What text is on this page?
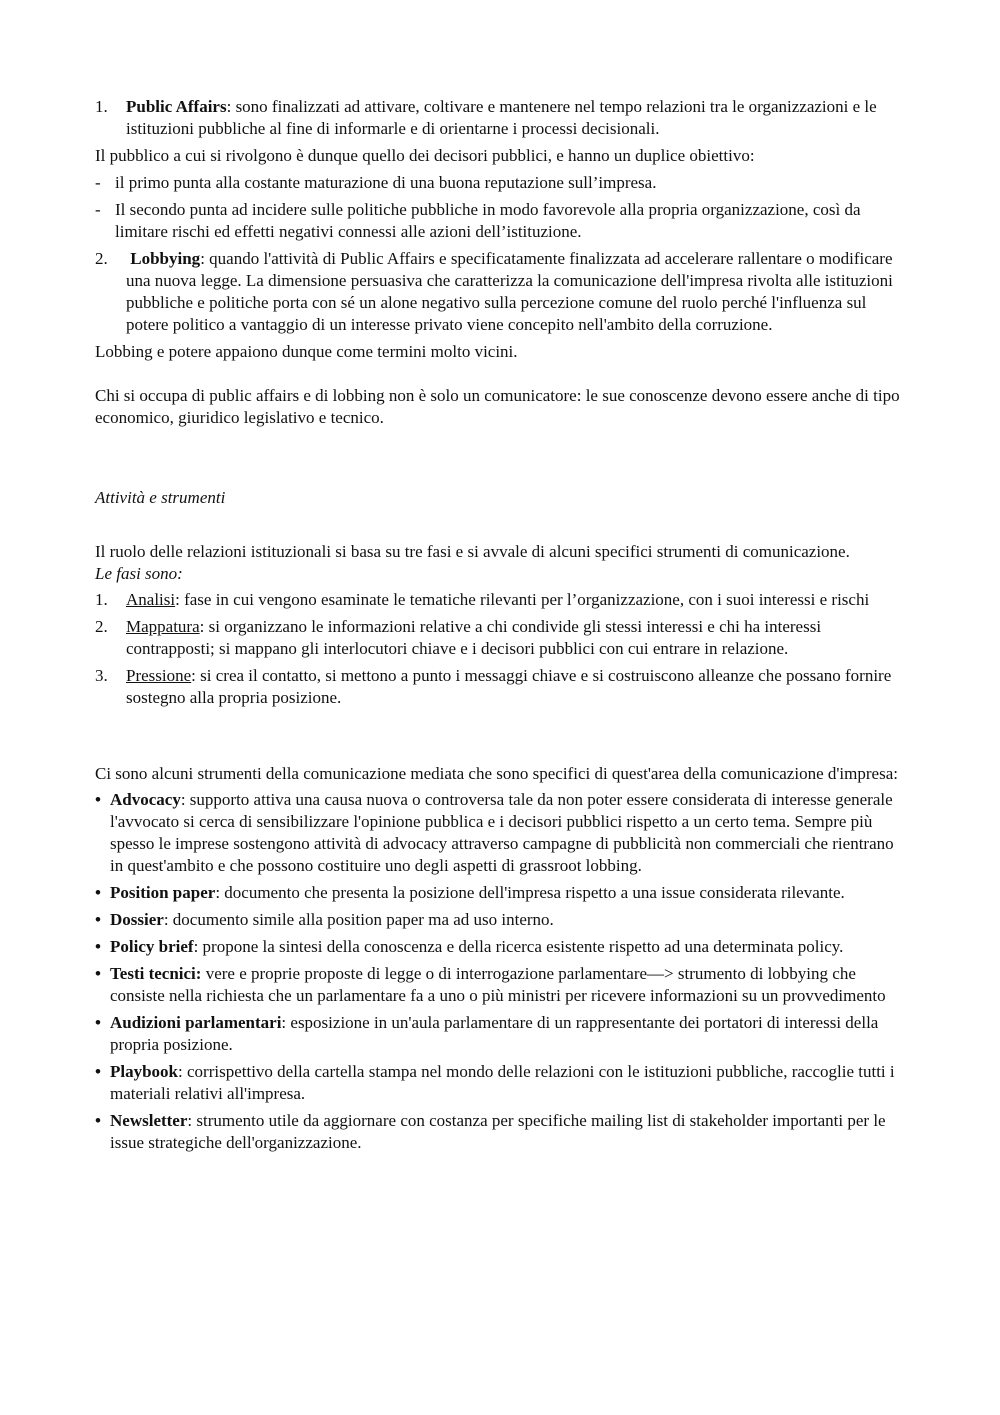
1. Public Affairs: sono finalizzati ad attivare, coltivare e mantenere nel tempo relazioni tra le organizzazioni e le istituzioni pubbliche al fine di informarle e di orientarne i processi decisionali.

Il pubblico a cui si rivolgono è dunque quello dei decisori pubblici, e hanno un duplice obiettivo:

- il primo punta alla costante maturazione di una buona reputazione sull’impresa.
- Il secondo punta ad incidere sulle politiche pubbliche in modo favorevole alla propria organizzazione, così da limitare rischi ed effetti negativi connessi alle azioni dell’istituzione.
2. Lobbying: quando l'attività di Public Affairs e specificatamente finalizzata ad accelerare rallentare o modificare una nuova legge. La dimensione persuasiva che caratterizza la comunicazione dell'impresa rivolta alle istituzioni pubbliche e politiche porta con sé un alone negativo sulla percezione comune del ruolo perché l'influenza sul potere politico a vantaggio di un interesse privato viene concepito nell'ambito della corruzione.

Lobbing e potere appaiono dunque come termini molto vicini.

Chi si occupa di public affairs e di lobbing non è solo un comunicatore: le sue conoscenze devono essere anche di tipo economico, giuridico legislativo e tecnico.

Attività e strumenti

Il ruolo delle relazioni istituzionali si basa su tre fasi e si avvale di alcuni specifici strumenti di comunicazione.

Le fasi sono:

1. Analisi: fase in cui vengono esaminate le tematiche rilevanti per l’organizzazione, con i suoi interessi e rischi
2. Mappatura: si organizzano le informazioni relative a chi condivide gli stessi interessi e chi ha interessi contrapposti; si mappano gli interlocutori chiave e i decisori pubblici con cui entrare in relazione.
3. Pressione: si crea il contatto, si mettono a punto i messaggi chiave e si costruiscono alleanze che possano fornire sostegno alla propria posizione.

Ci sono alcuni strumenti della comunicazione mediata che sono specifici di quest'area della comunicazione d'impresa:

• Advocacy: supporto attiva una causa nuova o controversa tale da non poter essere considerata di interesse generale l'avvocato si cerca di sensibilizzare l'opinione pubblica e i decisori pubblici rispetto a un certo tema. Sempre più spesso le imprese sostengono attività di advocacy attraverso campagne di pubblicità non commerciali che rientrano in quest'ambito e che possono costituire uno degli aspetti di grassroot lobbing.
• Position paper: documento che presenta la posizione dell'impresa rispetto a una issue considerata rilevante.
• Dossier: documento simile alla position paper ma ad uso interno.
• Policy brief: propone la sintesi della conoscenza e della ricerca esistente rispetto ad una determinata policy.
• Testi tecnici: vere e proprie proposte di legge o di interrogazione parlamentare—> strumento di lobbying che consiste nella richiesta che un parlamentare fa a uno o più ministri per ricevere informazioni su un provvedimento
• Audizioni parlamentari: esposizione in un'aula parlamentare di un rappresentante dei portatori di interessi della propria posizione.
• Playbook: corrispettivo della cartella stampa nel mondo delle relazioni con le istituzioni pubbliche, raccoglie tutti i materiali relativi all'impresa.
• Newsletter: strumento utile da aggiornare con costanza per specifiche mailing list di stakeholder importanti per le issue strategiche dell'organizzazione.
